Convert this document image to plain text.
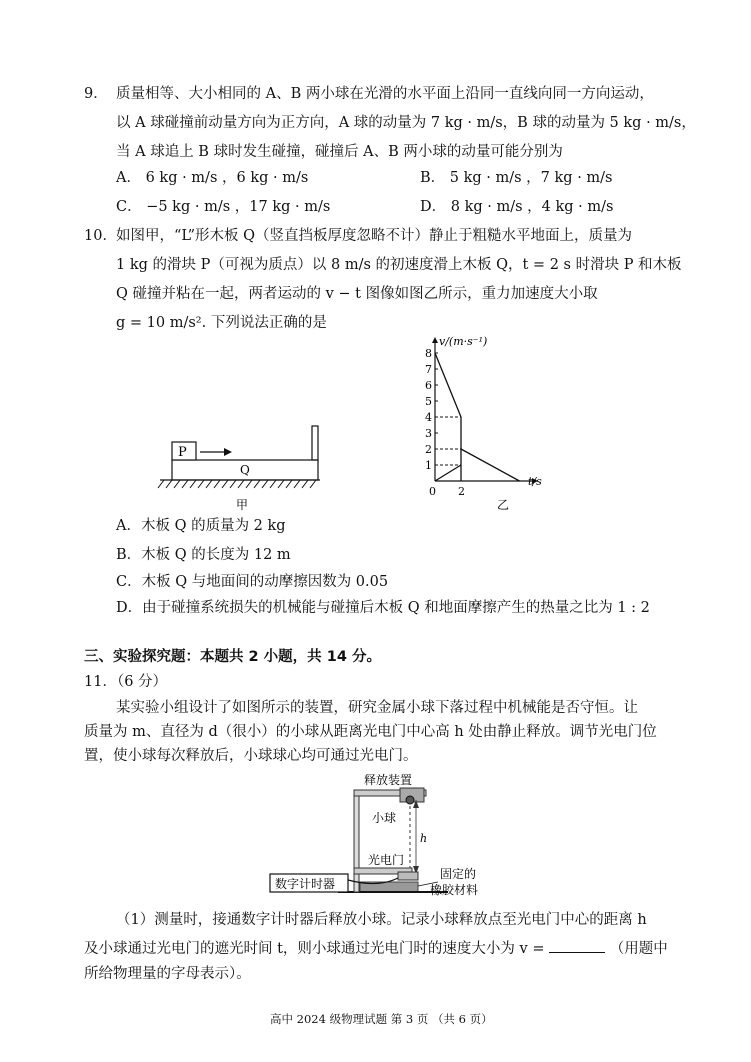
9． 质量相等、大小相同的 A、B 两小球在光滑的水平面上沿同一直线向同一方向运动，
以 A 球碰撞前动量方向为正方向，A 球的动量为 7 kg · m/s，B 球的动量为 5 kg · m/s，
当 A 球追上 B 球时发生碰撞，碰撞后 A、B 两小球的动量可能分别为
A． 6 kg · m/s ，6 kg · m/s	B． 5 kg · m/s ，7 kg · m/s
C． −5 kg · m/s ，17 kg · m/s	D． 8 kg · m/s ，4 kg · m/s
10． 如图甲，“L”形木板 Q（竖直挡板厚度忽略不计）静止于粗糙水平地面上，质量为
1 kg 的滑块 P（可视为质点）以 8 m/s 的初速度滑上木板 Q，t = 2 s 时滑块 P 和木板
Q 碰撞并粘在一起，两者运动的 v − t 图像如图乙所示，重力加速度大小取
g = 10 m/s². 下列说法正确的是
P
Q
甲
v/(m·s⁻¹)
t/s
0
1
2
3
4
5
6
7
8
2
乙
A．木板 Q 的质量为 2 kg
B．木板 Q 的长度为 12 m
C．木板 Q 与地面间的动摩擦因数为 0.05
D．由于碰撞系统损失的机械能与碰撞后木板 Q 和地面摩擦产生的热量之比为 1 : 2
三、实验探究题：本题共 2 小题，共 14 分。
11．（6 分）
某实验小组设计了如图所示的装置，研究金属小球下落过程中机械能是否守恒。让
质量为 m、直径为 d（很小）的小球从距离光电门中心高 h 处由静止释放。调节光电门位
置，使小球每次释放后，小球球心均可通过光电门。
数字计时器
释放装置
小球
h
光电门
固定的
橡胶材料
（1）测量时，接通数字计时器后释放小球。记录小球释放点至光电门中心的距离 h
及小球通过光电门的遮光时间 t，则小球通过光电门时的速度大小为 v =	（用题中
所给物理量的字母表示）。
高中 2024 级物理试题 第 3 页 （共 6 页）
